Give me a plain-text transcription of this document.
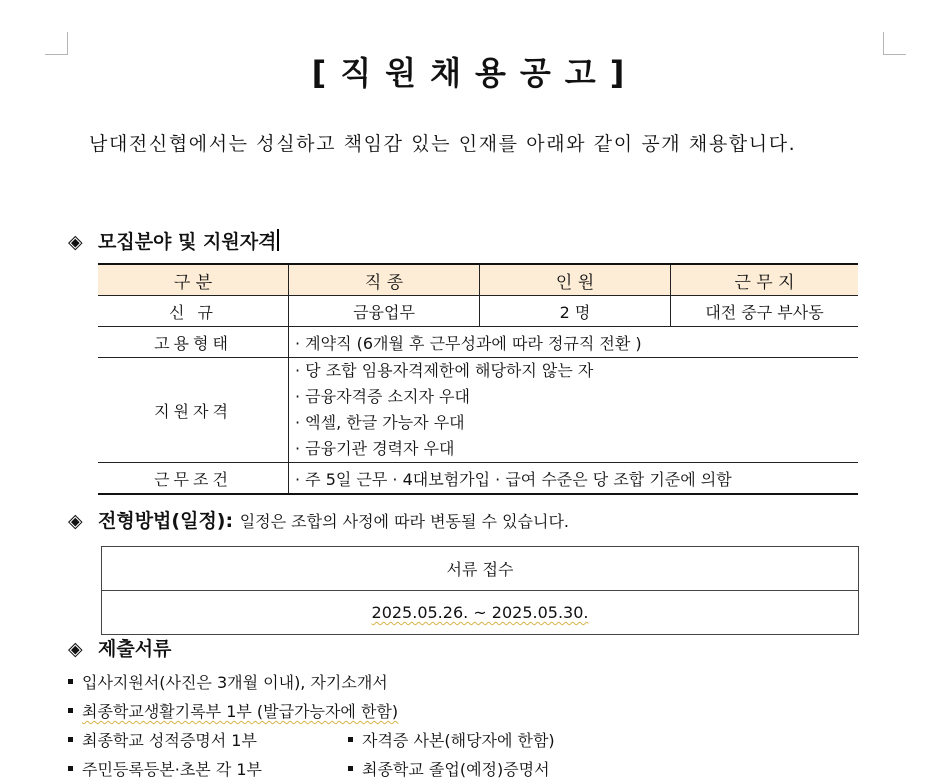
[직원채용공고]
남대전신협에서는 성실하고 책임감 있는 인재를 아래와 같이 공개 채용합니다.
◈ 모집분야 및 지원자격
구 분	직 종	인 원	근 무 지
신 규	금융업무	2 명	대전 중구 부사동
고용형태	· 계약직 (6개월 후 근무성과에 따라 정규직 전환 )		
지원자격	· 당 조합 임용자격제한에 해당하지 않는 자
· 금융자격증 소지자 우대
· 엑셀, 한글 가능자 우대
· 금융기관 경력자 우대		

근무조건	· 주 5일 근무 · 4대보험가입 · 급여 수준은 당 조합 기준에 의함		
◈ 전형방법(일정): 일정은 조합의 사정에 따라 변동될 수 있습니다.
서류 접수
2025.05.26. ~ 2025.05.30.
◈ 제출서류
입사지원서(사진은 3개월 이내), 자기소개서
최종학교생활기록부 1부 (발급가능자에 한함)
최종학교 성적증명서 1부	자격증 사본(해당자에 한함)
주민등록등본·초본 각 1부	최종학교 졸업(예정)증명서
